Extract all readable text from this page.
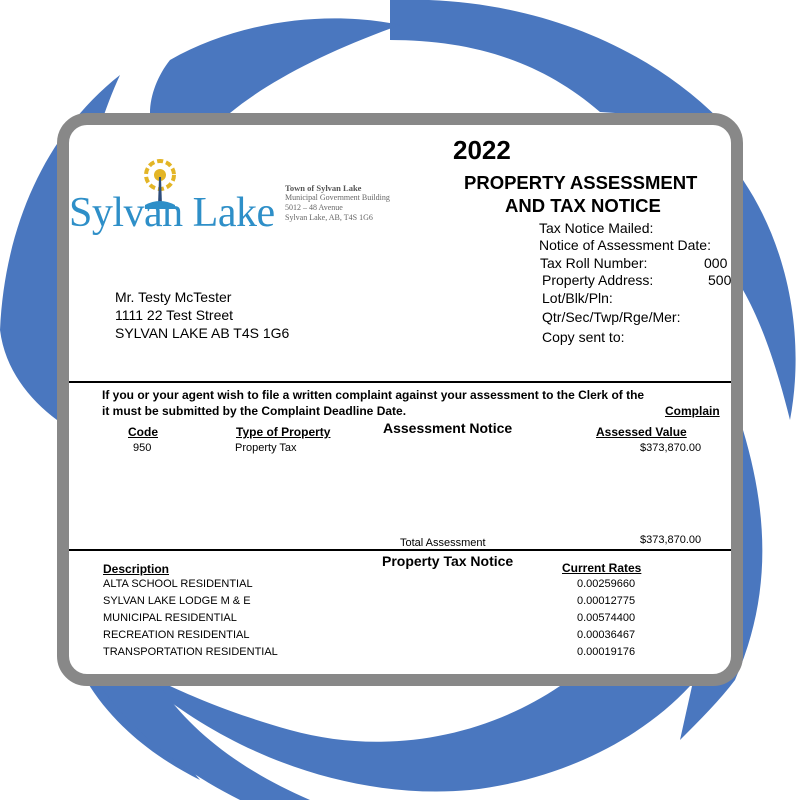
Sylvan Lake
Town of Sylvan Lake
Municipal Government Building
5012 – 48 Avenue
Sylvan Lake, AB, T4S 1G6
2022
PROPERTY ASSESSMENT
AND TAX NOTICE
Tax Notice Mailed:
Notice of Assessment Date:
Tax Roll Number:	000
Property Address:	500
Lot/Blk/Pln:
Qtr/Sec/Twp/Rge/Mer:
Copy sent to:
Mr. Testy McTester
1111 22 Test Street
SYLVAN LAKE AB T4S 1G6
If you or your agent wish to file a written complaint against your assessment to the Clerk of the
it must be submitted by the Complaint Deadline Date.	Complain
Assessment Notice
Code	Type of Property	Assessed Value
950	Property Tax	$373,870.00
Total Assessment	$373,870.00
Property Tax Notice
Description	Current Rates
ALTA SCHOOL RESIDENTIAL	0.00259660
SYLVAN LAKE LODGE M & E	0.00012775
MUNICIPAL RESIDENTIAL	0.00574400
RECREATION RESIDENTIAL	0.00036467
TRANSPORTATION RESIDENTIAL	0.00019176
